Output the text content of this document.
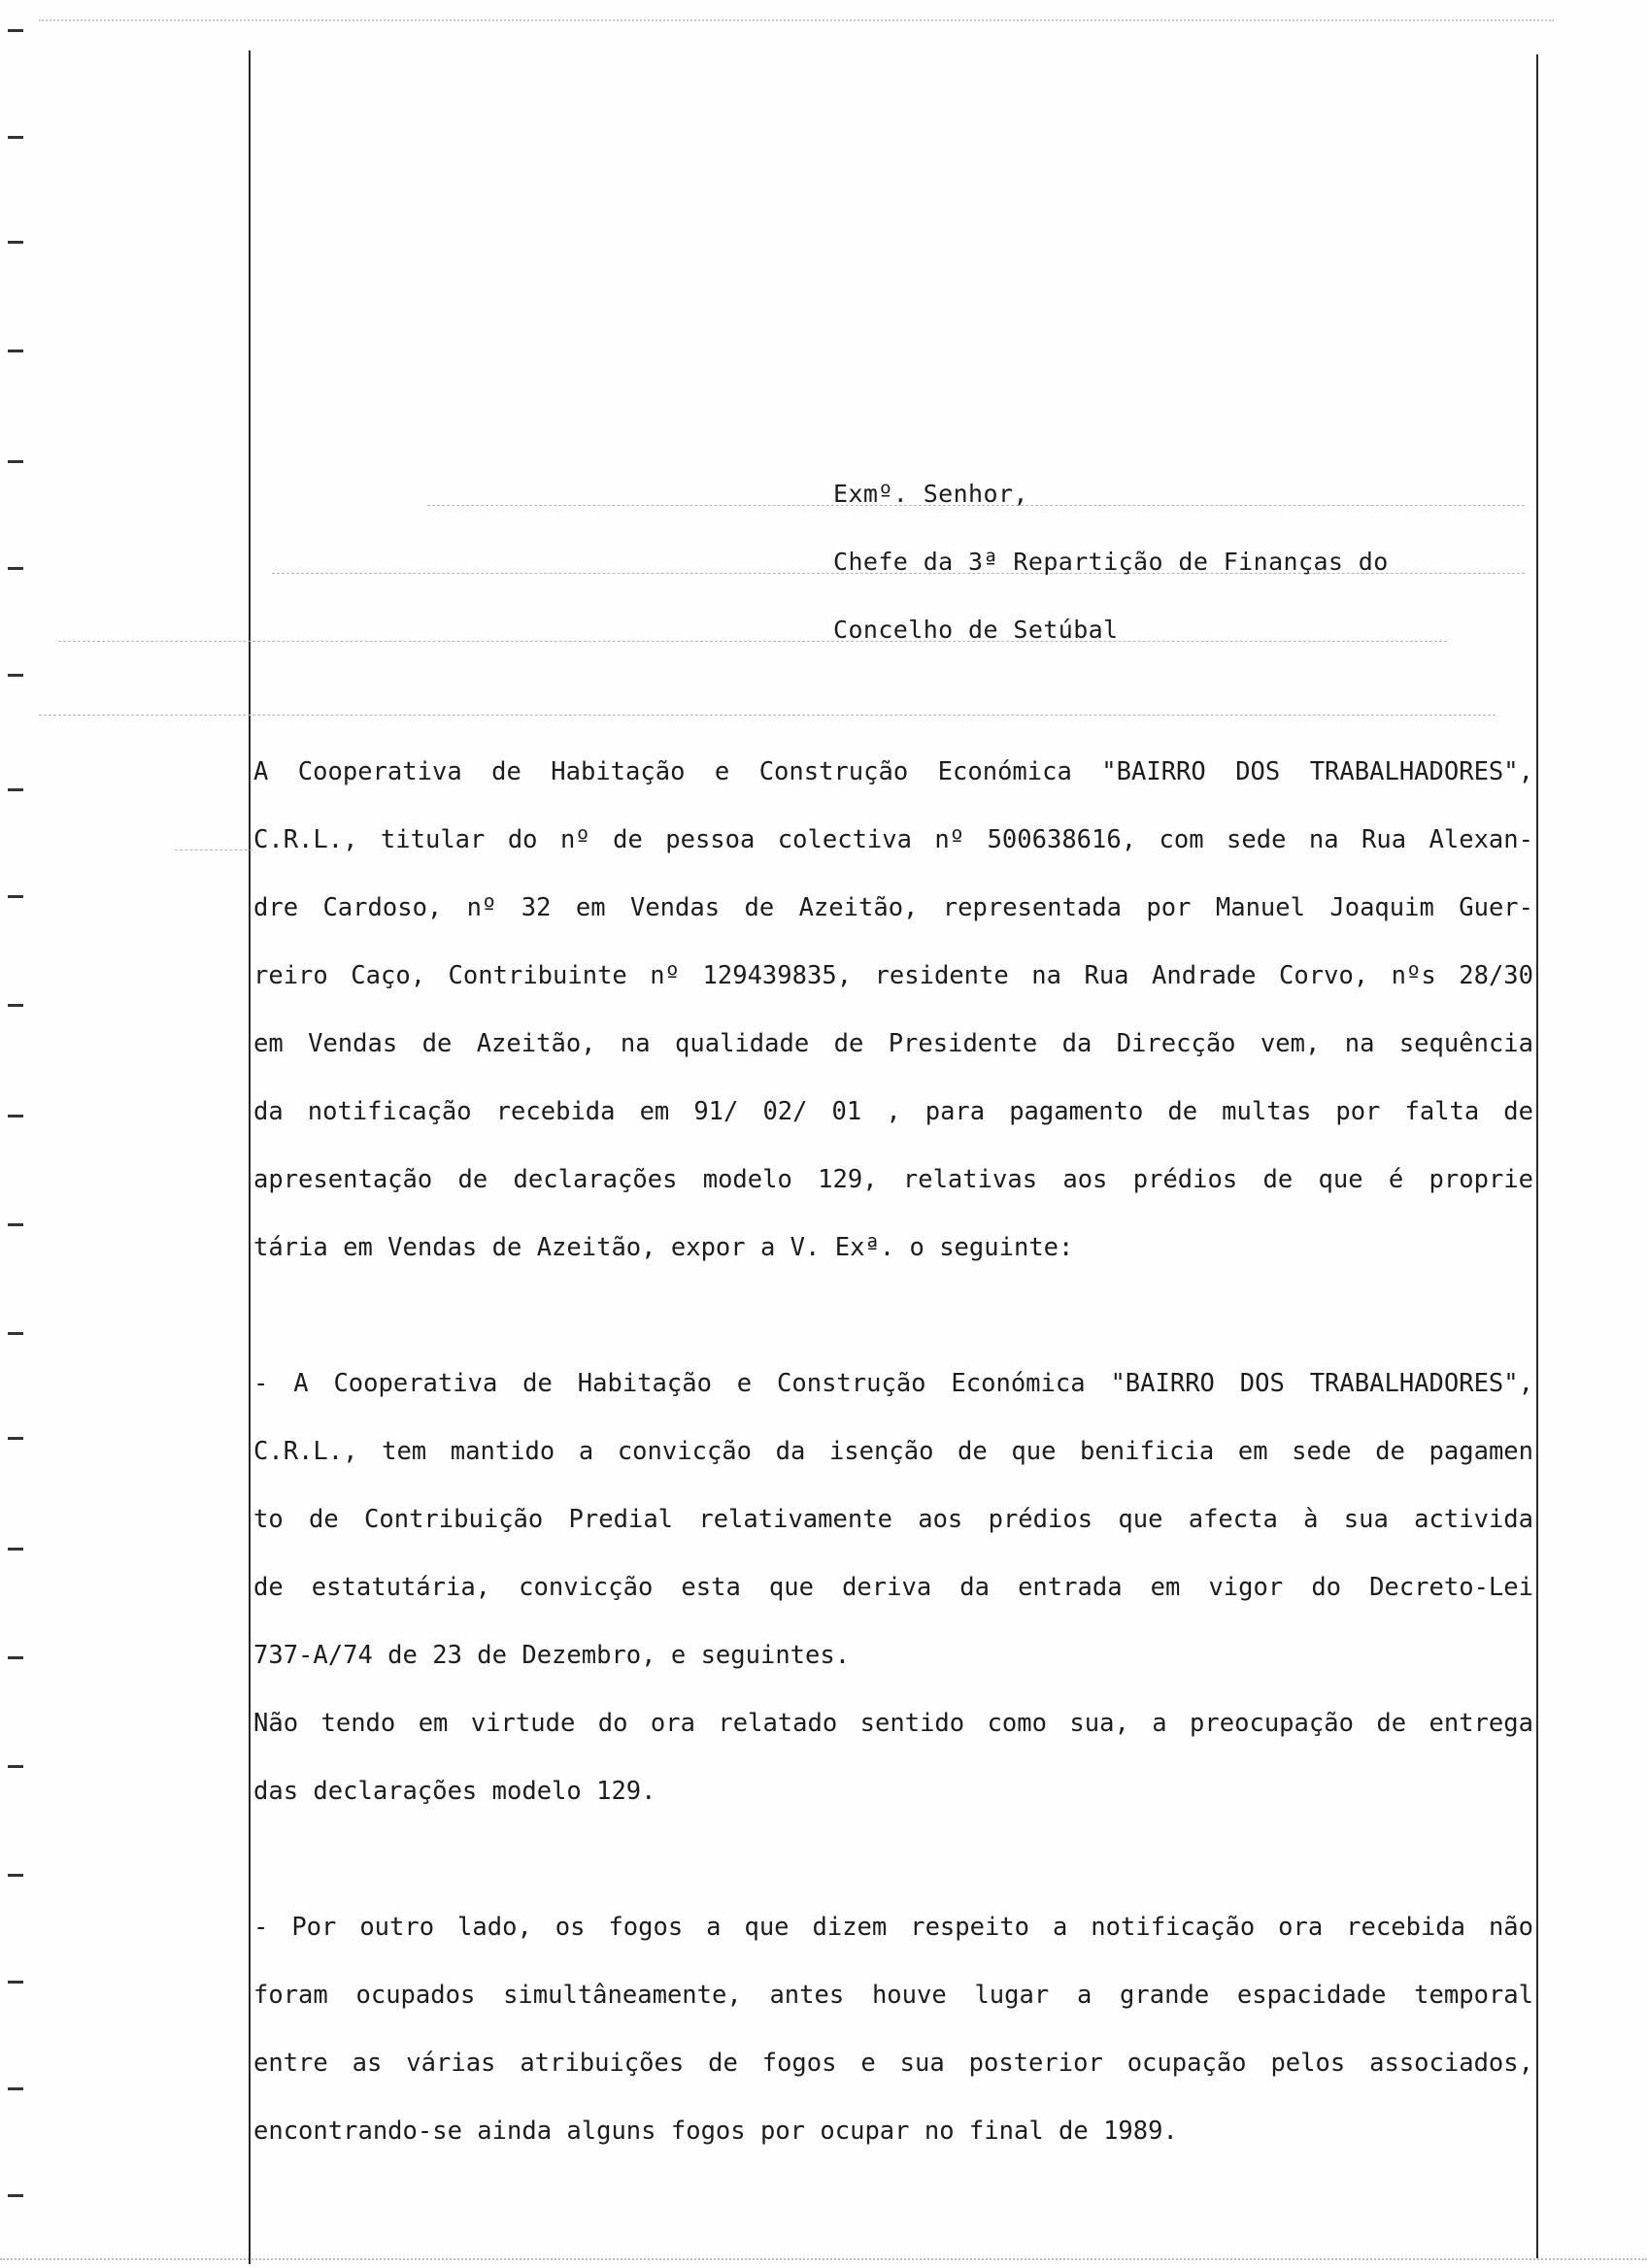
Exmº. Senhor,
Chefe da 3ª Repartição de Finanças do
Concelho de Setúbal

A Cooperativa de Habitação e Construção Económica "BAIRRO DOS TRABALHADORES",
C.R.L., titular do nº de pessoa colectiva nº 500638616, com sede na Rua Alexan-
dre Cardoso, nº 32 em Vendas de Azeitão, representada por Manuel Joaquim Guer-
reiro Caço, Contribuinte nº 129439835, residente na Rua Andrade Corvo, nºs 28/30
em Vendas de Azeitão, na qualidade de Presidente da Direcção vem, na sequência
da notificação recebida em 91/ 02/ 01 , para pagamento de multas por falta de
apresentação de declarações modelo 129, relativas aos prédios de que é proprie
tária em Vendas de Azeitão, expor a V. Exª. o seguinte:

- A Cooperativa de Habitação e Construção Económica "BAIRRO DOS TRABALHADORES",
C.R.L., tem mantido a convicção da isenção de que benificia em sede de pagamen
to de Contribuição Predial relativamente aos prédios que afecta à sua activida
de estatutária, convicção esta que deriva da entrada em vigor do Decreto-Lei
737-A/74 de 23 de Dezembro, e seguintes.

Não tendo em virtude do ora relatado sentido como sua, a preocupação de entrega
das declarações modelo 129.

- Por outro lado, os fogos a que dizem respeito a notificação ora recebida não
foram ocupados simultâneamente, antes houve lugar a grande espacidade temporal
entre as várias atribuições de fogos e sua posterior ocupação pelos associados,
encontrando-se ainda alguns fogos por ocupar no final de 1989.
